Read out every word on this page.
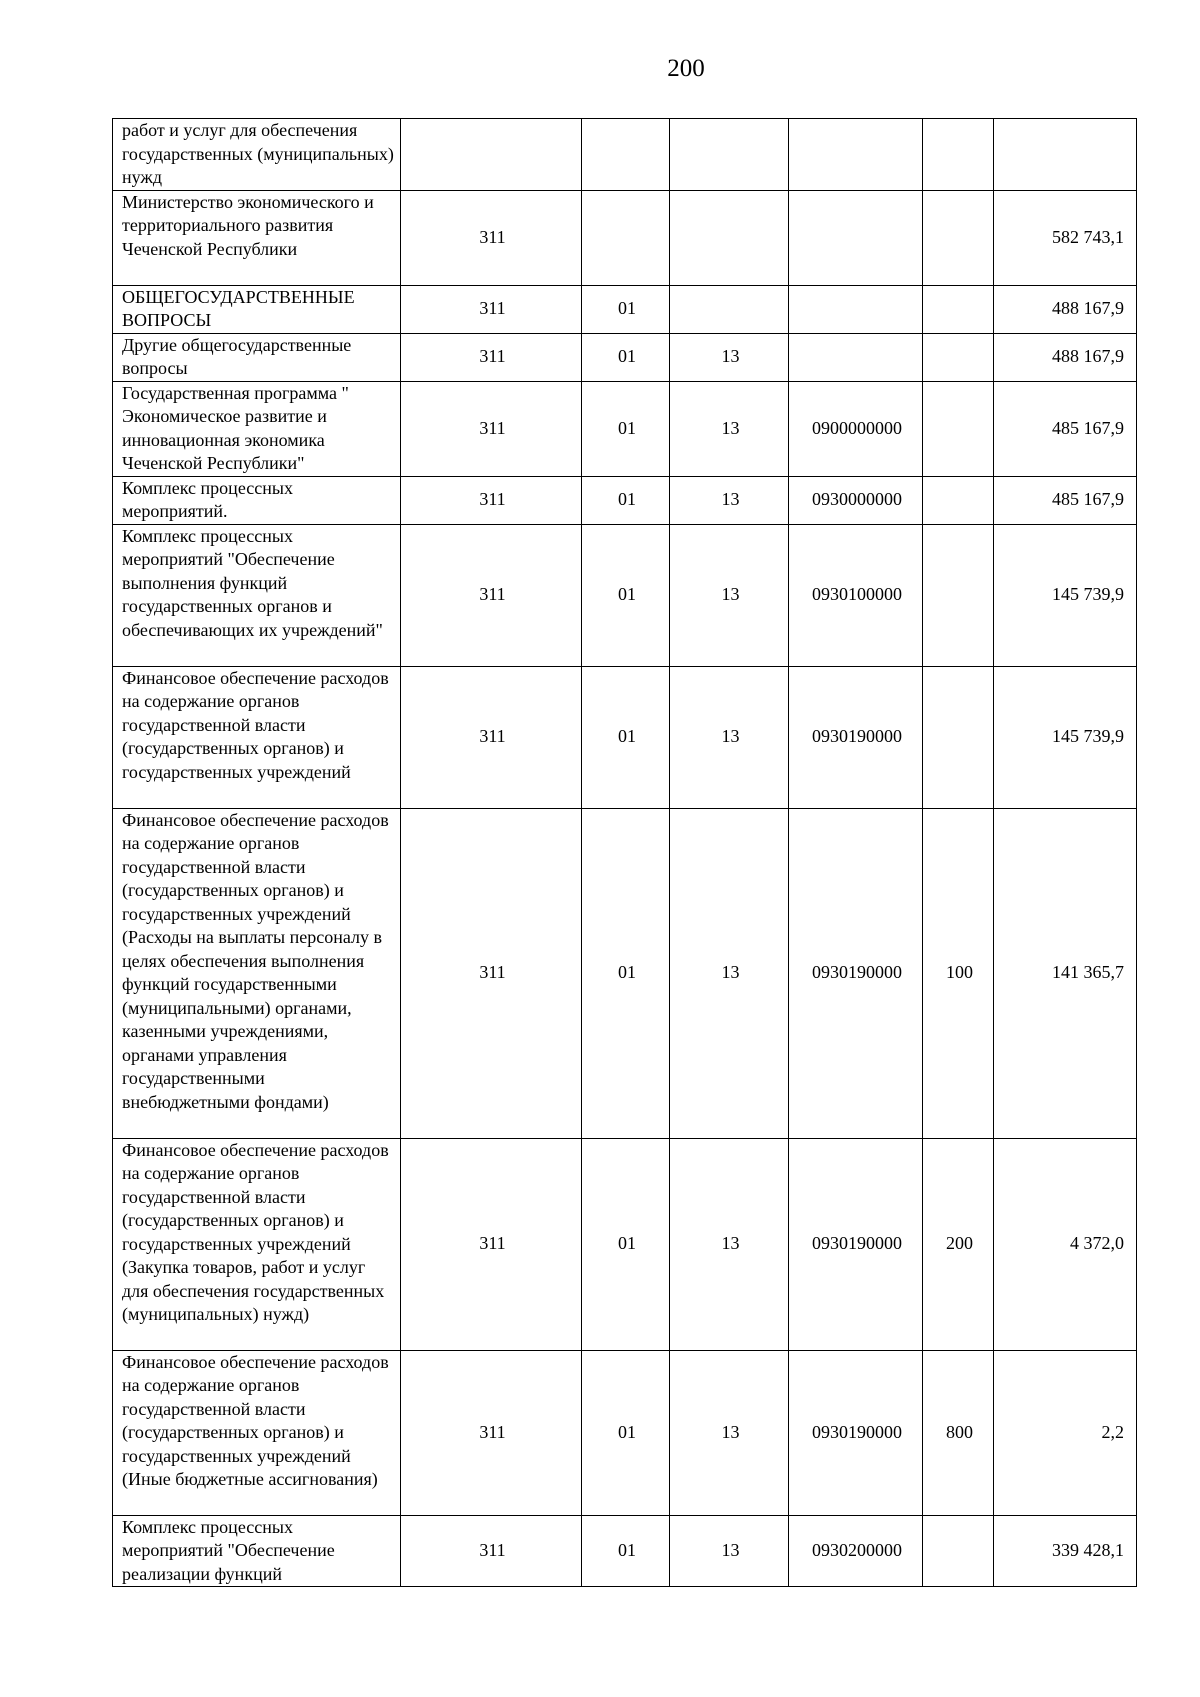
200
работ и услуг для обеспечения государственных (муниципальных) нужд						
Министерство экономического и территориального развития Чеченской Республики	311					582 743,1
ОБЩЕГОСУДАРСТВЕННЫЕ ВОПРОСЫ	311	01				488 167,9
Другие общегосударственные вопросы	311	01	13			488 167,9
Государственная программа " Экономическое развитие и инновационная экономика Чеченской Республики"	311	01	13	0900000000		485 167,9
Комплекс процессных мероприятий.	311	01	13	0930000000		485 167,9
Комплекс процессных мероприятий "Обеспечение выполнения функций государственных органов и обеспечивающих их учреждений"	311	01	13	0930100000		145 739,9
Финансовое обеспечение расходов на содержание органов государственной власти (государственных органов) и государственных учреждений	311	01	13	0930190000		145 739,9
Финансовое обеспечение расходов на содержание органов государственной власти (государственных органов) и государственных учреждений (Расходы на выплаты персоналу в целях обеспечения выполнения функций государственными (муниципальными) органами, казенными учреждениями, органами управления государственными внебюджетными фондами)	311	01	13	0930190000	100	141 365,7
Финансовое обеспечение расходов на содержание органов государственной власти (государственных органов) и государственных учреждений (Закупка товаров, работ и услуг для обеспечения государственных (муниципальных) нужд)	311	01	13	0930190000	200	4 372,0
Финансовое обеспечение расходов на содержание органов государственной власти (государственных органов) и государственных учреждений (Иные бюджетные ассигнования)	311	01	13	0930190000	800	2,2
Комплекс процессных мероприятий "Обеспечение реализации функций	311	01	13	0930200000		339 428,1
